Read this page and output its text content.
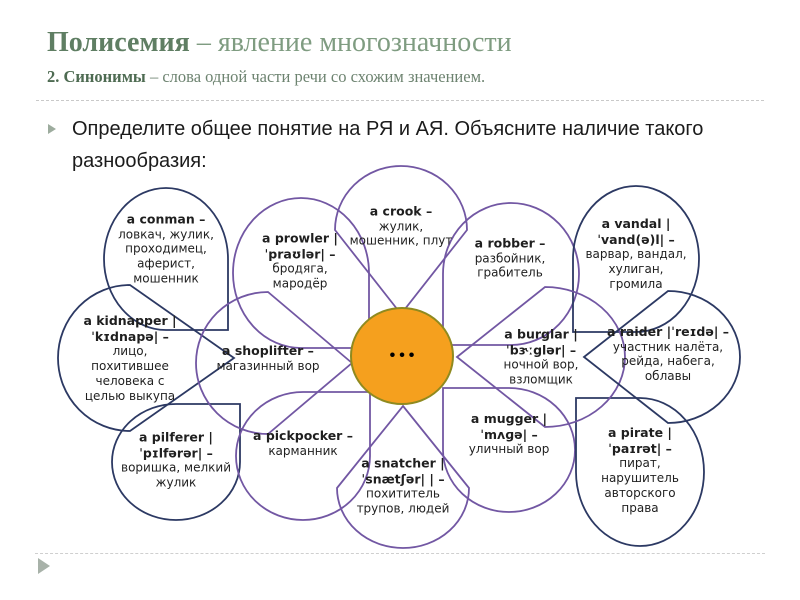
Полисемия – явление многозначности
2. Синонимы – слова одной части речи со схожим значением.
Определите общее понятие на РЯ и АЯ. Объясните наличие такого разнообразия:
a conman –
ловкач, жулик, проходимец, аферист, мошенник
a prowler |ˈpraʊlər| –
бродяга, мародёр
a crook –
жулик, мошенник, плут	a robber –
разбойник, грабитель
a vandal |ˈvand(ə)l| –
варвар, вандал, хулиган, громила
a kidnapper |ˈkɪdnapə| –
лицо, похитившее человека с целью выкупа
a shoplifter –
магазинный вор
a burglar |ˈbɝːglər| –
ночной вор, взломщик
a raider |ˈreɪdə| –
участник налёта, рейда, набега, облавы
a pilferer |ˈpɪlfərər| –
воришка, мелкий жулик
a pickpocker –
карманник
a snatcher |ˈsnætʃər| | –
похититель трупов, людей
a mugger |ˈmʌɡə| –
уличный вор
a pirate |ˈpaɪrət| –
пират, нарушитель авторского права
•••
